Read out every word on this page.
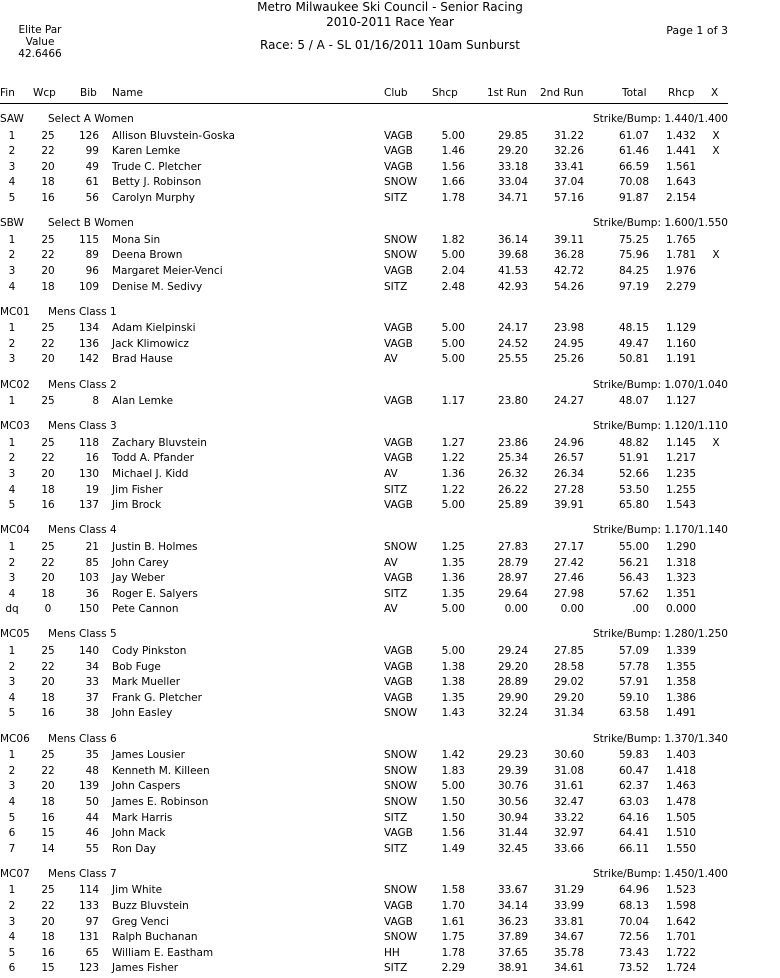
Elite Par
Value
42.6466
Metro Milwaukee Ski Council - Senior Racing
2010-2011 Race Year
Race: 5 / A - SL 01/16/2011 10am Sunburst
Page 1 of 3
Fin Wcp Bib Name	Club Shcp	1st Run 2nd Run	Total Rhcp X
SAW Select A Women	Strike/Bump: 1.440/1.400
1	25	126 Allison Bluvstein-Goska	VAGB	5.00	29.85	31.22	61.07 1.432	X
2	22	99 Karen Lemke	VAGB	1.46	29.20	32.26	61.46 1.441	X
3	20	49 Trude C. Pletcher	VAGB	1.56	33.18	33.41	66.59 1.561
4	18	61 Betty J. Robinson	SNOW	1.66	33.04	37.04	70.08 1.643
5	16	56 Carolyn Murphy	SITZ	1.78	34.71	57.16	91.87 2.154
SBW Select B Women	Strike/Bump: 1.600/1.550
1	25	115 Mona Sin	SNOW	1.82	36.14	39.11	75.25 1.765
2	22	89 Deena Brown	SNOW	5.00	39.68	36.28	75.96 1.781	X
3	20	96 Margaret Meier-Venci	VAGB	2.04	41.53	42.72	84.25 1.976
4	18	109 Denise M. Sedivy	SITZ	2.48	42.93	54.26	97.19 2.279
MC01 Mens Class 1
1	25	134 Adam Kielpinski	VAGB	5.00	24.17	23.98	48.15 1.129
2	22	136 Jack Klimowicz	VAGB	5.00	24.52	24.95	49.47 1.160
3	20	142 Brad Hause	AV	5.00	25.55	25.26	50.81 1.191
MC02 Mens Class 2	Strike/Bump: 1.070/1.040
1	25	8 Alan Lemke	VAGB	1.17	23.80	24.27	48.07 1.127
MC03 Mens Class 3	Strike/Bump: 1.120/1.110
1	25	118 Zachary Bluvstein	VAGB	1.27	23.86	24.96	48.82 1.145	X
2	22	16 Todd A. Pfander	VAGB	1.22	25.34	26.57	51.91 1.217
3	20	130 Michael J. Kidd	AV	1.36	26.32	26.34	52.66 1.235
4	18	19 Jim Fisher	SITZ	1.22	26.22	27.28	53.50 1.255
5	16	137 Jim Brock	VAGB	5.00	25.89	39.91	65.80 1.543
MC04 Mens Class 4	Strike/Bump: 1.170/1.140
1	25	21 Justin B. Holmes	SNOW	1.25	27.83	27.17	55.00 1.290
2	22	85 John Carey	AV	1.35	28.79	27.42	56.21 1.318
3	20	103 Jay Weber	VAGB	1.36	28.97	27.46	56.43 1.323
4	18	36 Roger E. Salyers	SITZ	1.35	29.64	27.98	57.62 1.351
dq	0	150 Pete Cannon	AV	5.00	0.00	0.00	.00 0.000
MC05 Mens Class 5	Strike/Bump: 1.280/1.250
1	25	140 Cody Pinkston	VAGB	5.00	29.24	27.85	57.09 1.339
2	22	34 Bob Fuge	VAGB	1.38	29.20	28.58	57.78 1.355
3	20	33 Mark Mueller	VAGB	1.38	28.89	29.02	57.91 1.358
4	18	37 Frank G. Pletcher	VAGB	1.35	29.90	29.20	59.10 1.386
5	16	38 John Easley	SNOW	1.43	32.24	31.34	63.58 1.491
MC06 Mens Class 6	Strike/Bump: 1.370/1.340
1	25	35 James Lousier	SNOW	1.42	29.23	30.60	59.83 1.403
2	22	48 Kenneth M. Killeen	SNOW	1.83	29.39	31.08	60.47 1.418
3	20	139 John Caspers	SNOW	5.00	30.76	31.61	62.37 1.463
4	18	50 James E. Robinson	SNOW	1.50	30.56	32.47	63.03 1.478
5	16	44 Mark Harris	SITZ	1.50	30.94	33.22	64.16 1.505
6	15	46 John Mack	VAGB	1.56	31.44	32.97	64.41 1.510
7	14	55 Ron Day	SITZ	1.49	32.45	33.66	66.11 1.550
MC07 Mens Class 7	Strike/Bump: 1.450/1.400
1	25	114 Jim White	SNOW	1.58	33.67	31.29	64.96 1.523
2	22	133 Buzz Bluvstein	VAGB	1.70	34.14	33.99	68.13 1.598
3	20	97 Greg Venci	VAGB	1.61	36.23	33.81	70.04 1.642
4	18	131 Ralph Buchanan	SNOW	1.75	37.89	34.67	72.56 1.701
5	16	65 William E. Eastham	HH	1.78	37.65	35.78	73.43 1.722
6	15	123 James Fisher	SITZ	2.29	38.91	34.61	73.52 1.724
